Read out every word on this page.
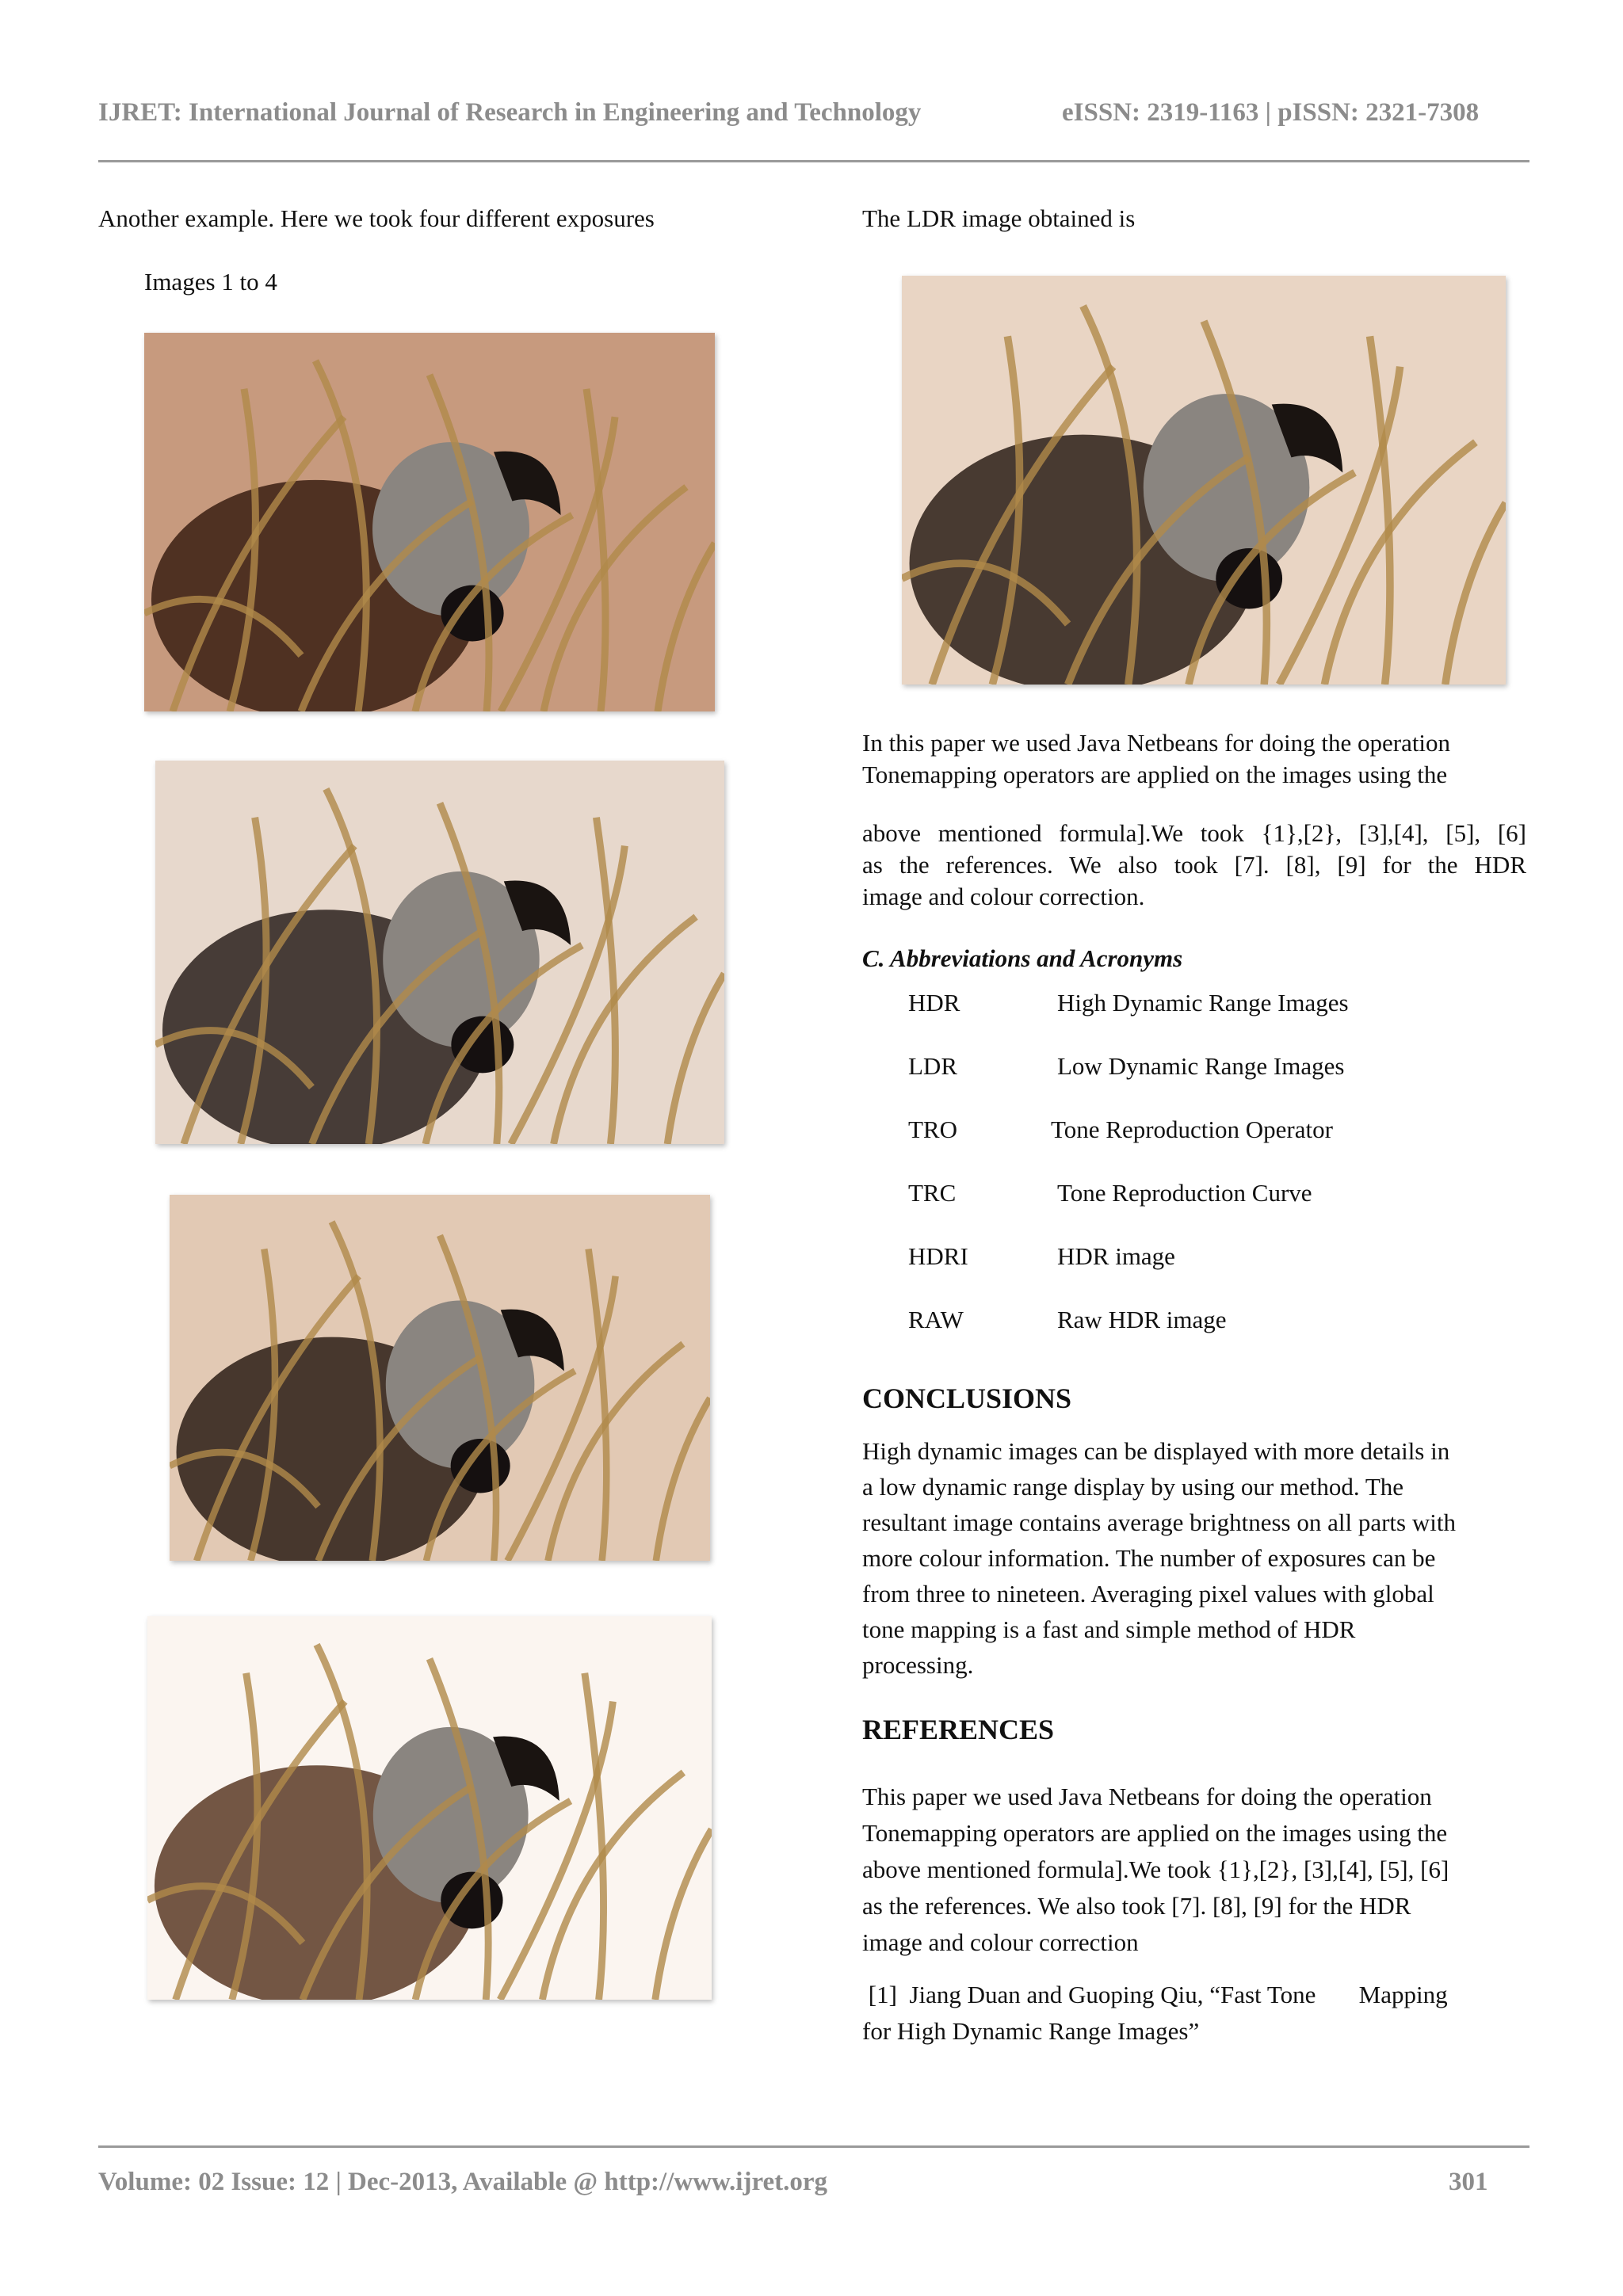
IJRET: International Journal of Research in Engineering and Technology	eISSN: 2319-1163 | pISSN: 2321-7308
Another example. Here we took four different exposures
Images 1 to 4
The LDR image obtained is
In this paper we used Java Netbeans for doing the operation
Tonemapping operators are applied on the images using the
above mentioned formula].We took {1},[2}, [3],[4], [5], [6]
as the references. We also took [7]. [8], [9] for the HDR
image and colour correction.
C. Abbreviations and Acronyms
HDR	High Dynamic Range Images
LDR	Low Dynamic Range Images
TRO	Tone Reproduction Operator
TRC	Tone Reproduction Curve
HDRI	HDR image
RAW	Raw HDR image
CONCLUSIONS
High dynamic images can be displayed with more details in
a low dynamic range display by using our method. The
resultant image contains average brightness on all parts with
more colour information. The number of exposures can be
from three to nineteen. Averaging pixel values with global
tone mapping is a fast and simple method of HDR
processing.
REFERENCES
This paper we used Java Netbeans for doing the operation
Tonemapping operators are applied on the images using the
above mentioned formula].We took {1},[2}, [3],[4], [5], [6]
as the references. We also took [7]. [8], [9] for the HDR
image and colour correction
[1]  Jiang Duan and Guoping Qiu, “Fast Tone       Mapping
for High Dynamic Range Images”
Volume: 02 Issue: 12 | Dec-2013, Available @ http://www.ijret.org	301
